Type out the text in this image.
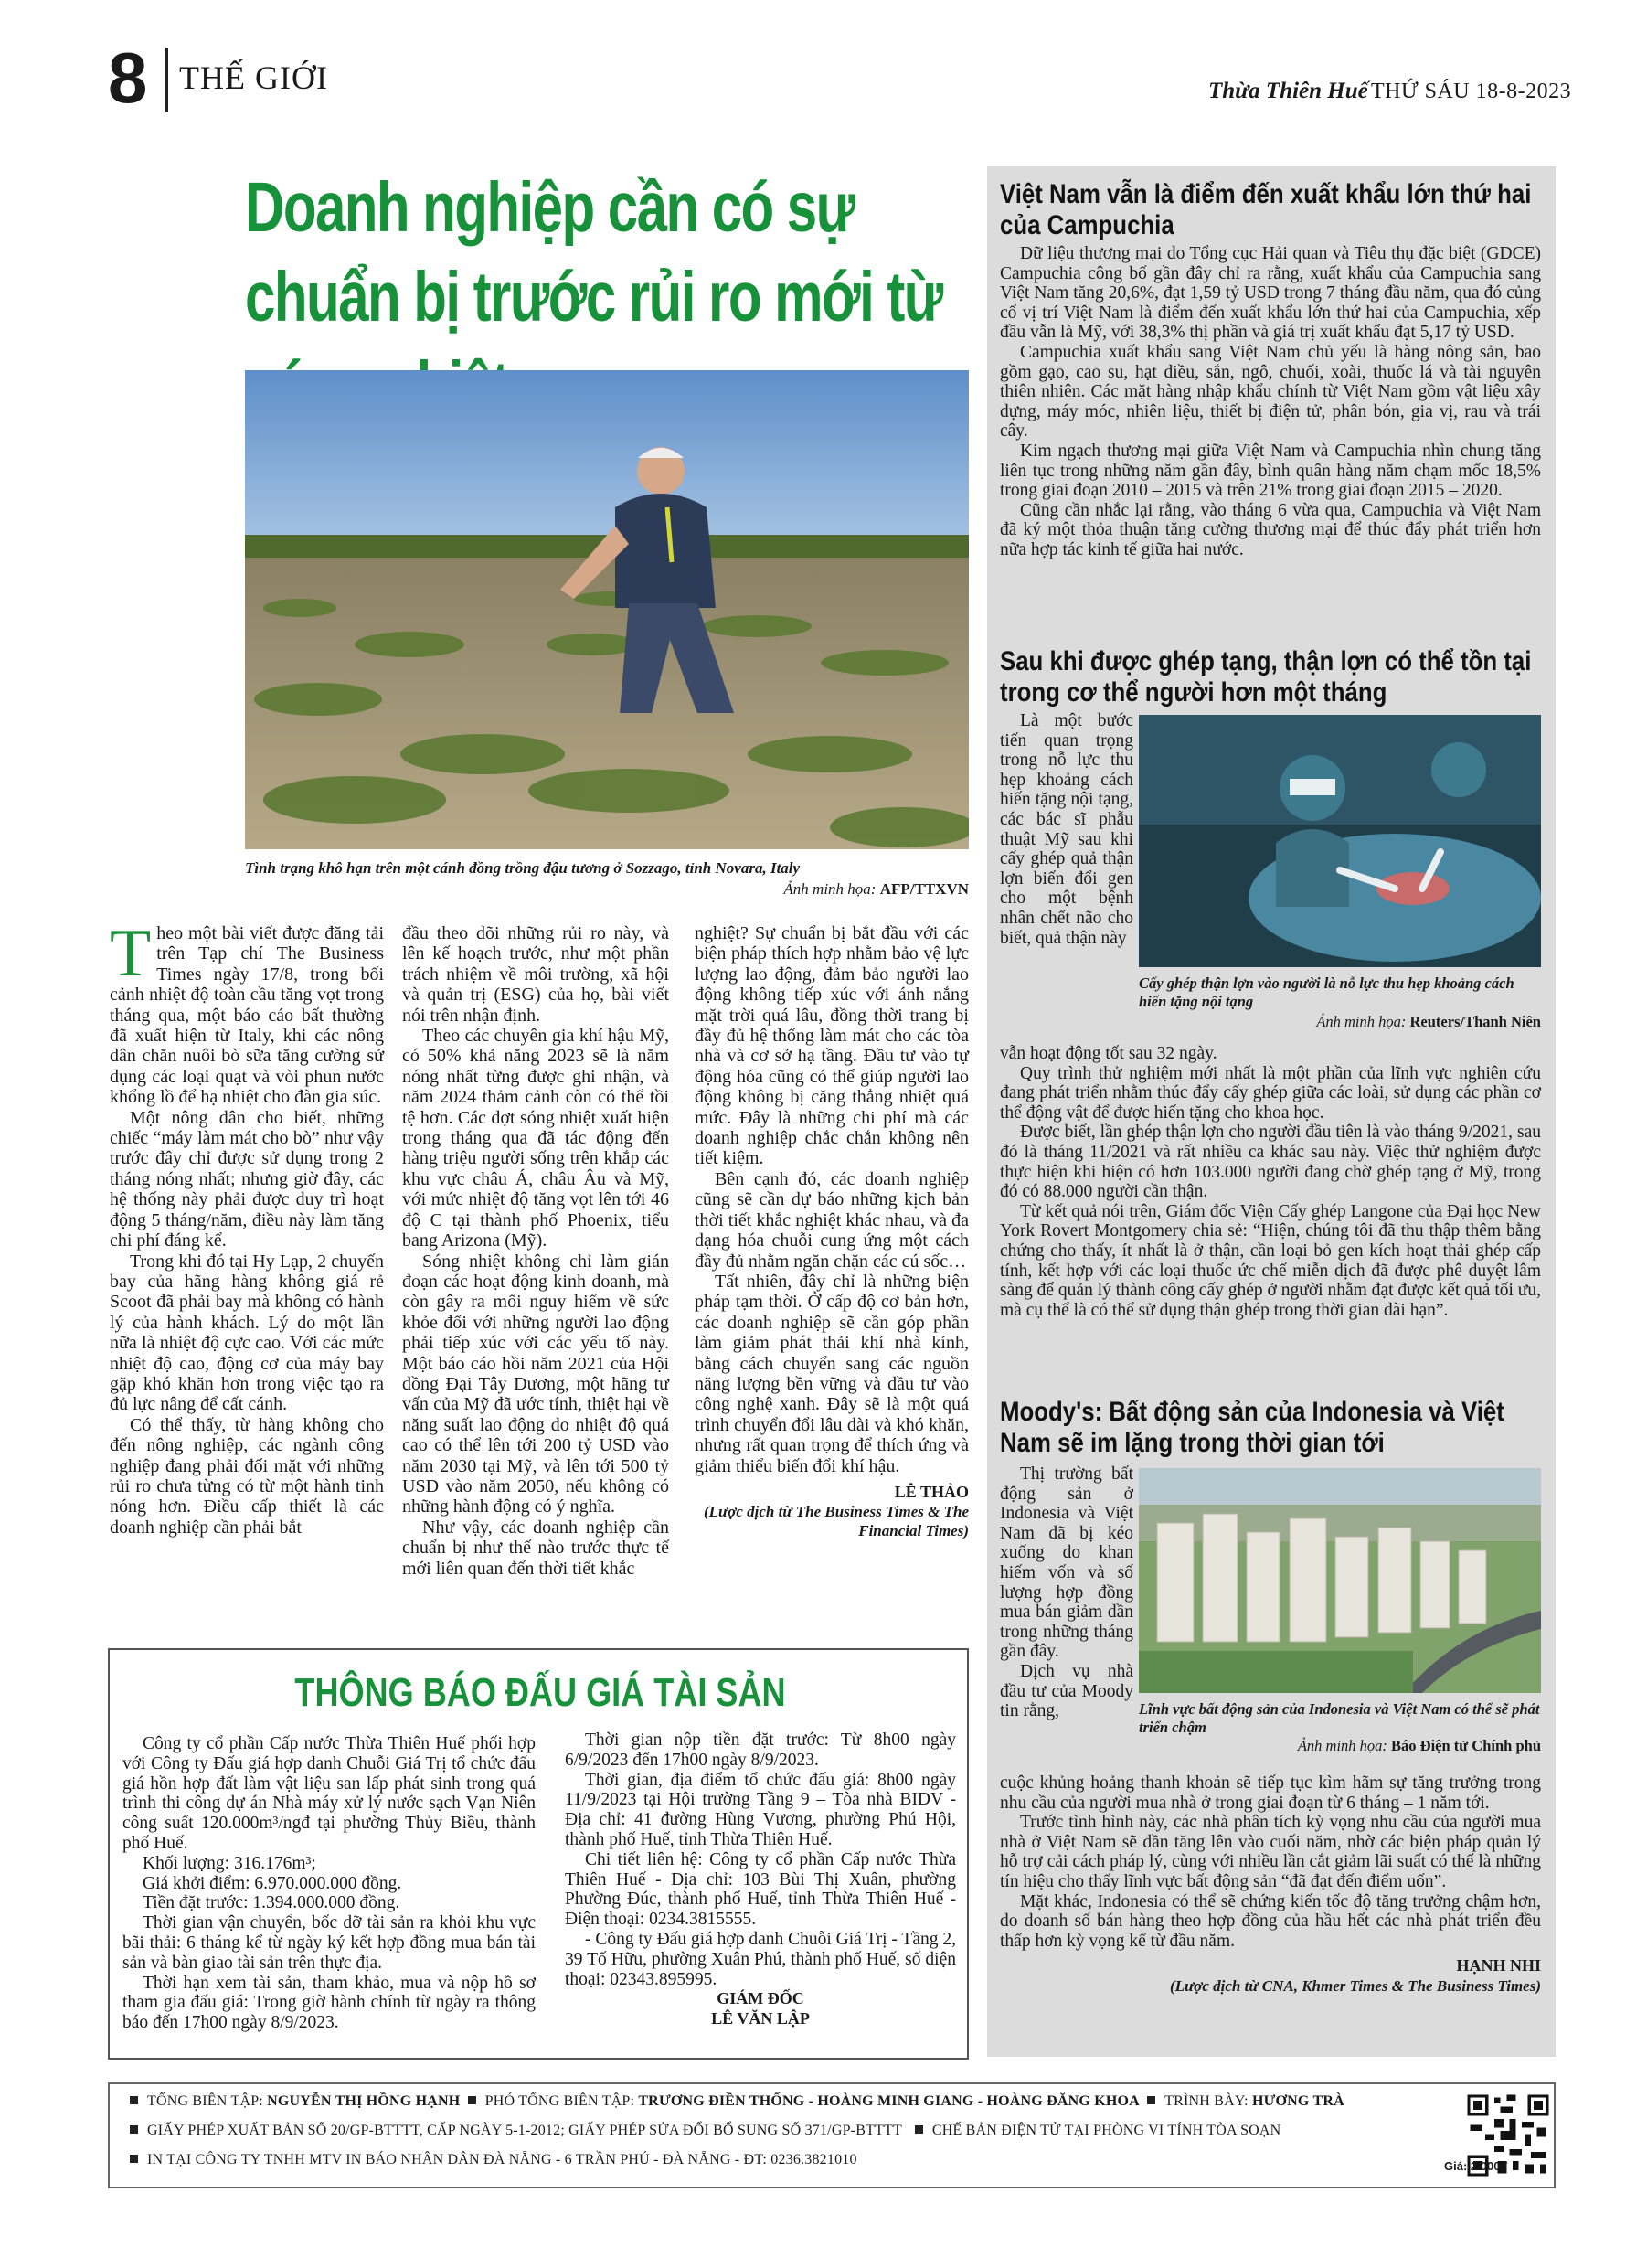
8 THẾ GIỚI	Thừa Thiên Huế THỨ SÁU 18-8-2023
Doanh nghiệp cần có sự chuẩn bị trước rủi ro mới từ
Tình trạng khô hạn trên một cánh đồng trồng đậu tương ở Sozzago, tỉnh Novara, Italy
Ảnh minh họa: AFP/TTXVN

Theo một bài viết được đăng tải trên Tạp chí The Business Times ngày 17/8, trong bối cảnh nhiệt độ toàn cầu tăng vọt trong tháng qua, một báo cáo bất thường đã xuất hiện từ Italy, khi các nông dân chăn nuôi bò sữa tăng cường sử dụng các loại quạt và vòi phun nước khổng lồ để hạ nhiệt cho đàn gia súc.

Một nông dân cho biết, những chiếc “máy làm mát cho bò” như vậy trước đây chỉ được sử dụng trong 2 tháng nóng nhất; nhưng giờ đây, các hệ thống này phải được duy trì hoạt động 5 tháng/năm, điều này làm tăng chi phí đáng kể.

Trong khi đó tại Hy Lạp, 2 chuyến bay của hãng hàng không giá rẻ Scoot đã phải bay mà không có hành lý của hành khách. Lý do một lần nữa là nhiệt độ cực cao. Với các mức nhiệt độ cao, động cơ của máy bay gặp khó khăn hơn trong việc tạo ra đủ lực nâng để cất cánh.

Có thể thấy, từ hàng không cho đến nông nghiệp, các ngành công nghiệp đang phải đối mặt với những rủi ro chưa từng có từ một hành tinh nóng hơn. Điều cấp thiết là các doanh nghiệp cần phải bắt

đầu theo dõi những rủi ro này, và lên kế hoạch trước, như một phần trách nhiệm về môi trường, xã hội và quản trị (ESG) của họ, bài viết nói trên nhận định.

Theo các chuyên gia khí hậu Mỹ, có 50% khả năng 2023 sẽ là năm nóng nhất từng được ghi nhận, và năm 2024 thảm cảnh còn có thể tồi tệ hơn. Các đợt sóng nhiệt xuất hiện trong tháng qua đã tác động đến hàng triệu người sống trên khắp các khu vực châu Á, châu Âu và Mỹ, với mức nhiệt độ tăng vọt lên tới 46 độ C tại thành phố Phoenix, tiểu bang Arizona (Mỹ).

Sóng nhiệt không chỉ làm gián đoạn các hoạt động kinh doanh, mà còn gây ra mối nguy hiểm về sức khỏe đối với những người lao động phải tiếp xúc với các yếu tố này. Một báo cáo hồi năm 2021 của Hội đồng Đại Tây Dương, một hãng tư vấn của Mỹ đã ước tính, thiệt hại về năng suất lao động do nhiệt độ quá cao có thể lên tới 200 tỷ USD vào năm 2030 tại Mỹ, và lên tới 500 tỷ USD vào năm 2050, nếu không có những hành động có ý nghĩa.

Như vậy, các doanh nghiệp cần chuẩn bị như thế nào trước thực tế mới liên quan đến thời tiết khắc

nghiệt? Sự chuẩn bị bắt đầu với các biện pháp thích hợp nhằm bảo vệ lực lượng lao động, đảm bảo người lao động không tiếp xúc với ánh nắng mặt trời quá lâu, đồng thời trang bị đầy đủ hệ thống làm mát cho các tòa nhà và cơ sở hạ tầng. Đầu tư vào tự động hóa cũng có thể giúp người lao động không bị căng thẳng nhiệt quá mức. Đây là những chi phí mà các doanh nghiệp chắc chắn không nên tiết kiệm.

Bên cạnh đó, các doanh nghiệp cũng sẽ cần dự báo những kịch bản thời tiết khắc nghiệt khác nhau, và đa dạng hóa chuỗi cung ứng một cách đầy đủ nhằm ngăn chặn các cú sốc…

Tất nhiên, đây chỉ là những biện pháp tạm thời. Ở cấp độ cơ bản hơn, các doanh nghiệp sẽ cần góp phần làm giảm phát thải khí nhà kính, bằng cách chuyển sang các nguồn năng lượng bền vững và đầu tư vào công nghệ xanh. Đây sẽ là một quá trình chuyển đổi lâu dài và khó khăn, nhưng rất quan trọng để thích ứng và giảm thiểu biến đổi khí hậu.

LÊ THẢO

(Lược dịch từ The Business Times & The Financial Times)

THÔNG BÁO ĐẤU GIÁ TÀI SẢN

Công ty cổ phần Cấp nước Thừa Thiên Huế phối hợp với Công ty Đấu giá hợp danh Chuỗi Giá Trị tổ chức đấu giá hồn hợp đất làm vật liệu san lấp phát sinh trong quá trình thi công dự án Nhà máy xử lý nước sạch Vạn Niên công suất 120.000m³/ngđ tại phường Thủy Biều, thành phố Huế.

Khối lượng: 316.176m³;

Giá khởi điểm: 6.970.000.000 đồng.

Tiền đặt trước: 1.394.000.000 đồng.

Thời gian vận chuyển, bốc dỡ tài sản ra khỏi khu vực bãi thải: 6 tháng kể từ ngày ký kết hợp đồng mua bán tài sản và bàn giao tài sản trên thực địa.

Thời hạn xem tài sản, tham khảo, mua và nộp hồ sơ tham gia đấu giá: Trong giờ hành chính từ ngày ra thông báo đến 17h00 ngày 8/9/2023.

Thời gian nộp tiền đặt trước: Từ 8h00 ngày 6/9/2023 đến 17h00 ngày 8/9/2023.

Thời gian, địa điểm tổ chức đấu giá: 8h00 ngày 11/9/2023 tại Hội trường Tầng 9 – Tòa nhà BIDV - Địa chỉ: 41 đường Hùng Vương, phường Phú Hội, thành phố Huế, tỉnh Thừa Thiên Huế.

Chi tiết liên hệ: Công ty cổ phần Cấp nước Thừa Thiên Huế - Địa chỉ: 103 Bùi Thị Xuân, phường Phường Đúc, thành phố Huế, tỉnh Thừa Thiên Huế - Điện thoại: 0234.3815555.

- Công ty Đấu giá hợp danh Chuỗi Giá Trị - Tầng 2, 39 Tố Hữu, phường Xuân Phú, thành phố Huế, số điện thoại: 02343.895995.

GIÁM ĐỐC

LÊ VĂN LẬP

Việt Nam vẫn là điểm đến xuất khẩu lớn thứ hai của Campuchia

Dữ liệu thương mại do Tổng cục Hải quan và Tiêu thụ đặc biệt (GDCE) Campuchia công bố gần đây chỉ ra rằng, xuất khẩu của Campuchia sang Việt Nam tăng 20,6%, đạt 1,59 tỷ USD trong 7 tháng đầu năm, qua đó củng cố vị trí Việt Nam là điểm đến xuất khẩu lớn thứ hai của Campuchia, xếp đầu vẫn là Mỹ, với 38,3% thị phần và giá trị xuất khẩu đạt 5,17 tỷ USD.

Campuchia xuất khẩu sang Việt Nam chủ yếu là hàng nông sản, bao gồm gạo, cao su, hạt điều, sắn, ngô, chuối, xoài, thuốc lá và tài nguyên thiên nhiên. Các mặt hàng nhập khẩu chính từ Việt Nam gồm vật liệu xây dựng, máy móc, nhiên liệu, thiết bị điện tử, phân bón, gia vị, rau và trái cây.

Kim ngạch thương mại giữa Việt Nam và Campuchia nhìn chung tăng liên tục trong những năm gần đây, bình quân hàng năm chạm mốc 18,5% trong giai đoạn 2010 – 2015 và trên 21% trong giai đoạn 2015 – 2020.

Cũng cần nhắc lại rằng, vào tháng 6 vừa qua, Campuchia và Việt Nam đã ký một thỏa thuận tăng cường thương mại để thúc đẩy phát triển hơn nữa hợp tác kinh tế giữa hai nước.

Sau khi được ghép tạng, thận lợn có thể tồn tại trong cơ thể người hơn một tháng

Là một bước tiến quan trọng trong nỗ lực thu hẹp khoảng cách hiến tặng nội tạng, các bác sĩ phẫu thuật Mỹ sau khi cấy ghép quả thận lợn biến đổi gen cho một bệnh nhân chết não cho biết, quả thận này

Cấy ghép thận lợn vào người là nỗ lực thu hẹp khoảng cách hiến tặng nội tạng
Ảnh minh họa: Reuters/Thanh Niên

vẫn hoạt động tốt sau 32 ngày.

Quy trình thử nghiệm mới nhất là một phần của lĩnh vực nghiên cứu đang phát triển nhằm thúc đẩy cấy ghép giữa các loài, sử dụng các phần cơ thể động vật để được hiến tặng cho khoa học.

Được biết, lần ghép thận lợn cho người đầu tiên là vào tháng 9/2021, sau đó là tháng 11/2021 và rất nhiều ca khác sau này. Việc thử nghiệm được thực hiện khi hiện có hơn 103.000 người đang chờ ghép tạng ở Mỹ, trong đó có 88.000 người cần thận.

Từ kết quả nói trên, Giám đốc Viện Cấy ghép Langone của Đại học New York Rovert Montgomery chia sẻ: “Hiện, chúng tôi đã thu thập thêm bằng chứng cho thấy, ít nhất là ở thận, cần loại bỏ gen kích hoạt thải ghép cấp tính, kết hợp với các loại thuốc ức chế miễn dịch đã được phê duyệt lâm sàng để quản lý thành công cấy ghép ở người nhằm đạt được kết quả tối ưu, mà cụ thể là có thể sử dụng thận ghép trong thời gian dài hạn”.

Moody's: Bất động sản của Indonesia và Việt Nam sẽ im lặng trong thời gian tới

Thị trường bất động sản ở Indonesia và Việt Nam đã bị kéo xuống do khan hiếm vốn và số lượng hợp đồng mua bán giảm dần trong những tháng gần đây.

Dịch vụ nhà đầu tư của Moody tin rằng,	Lĩnh vực bất động sản của Indonesia và Việt Nam có thể sẽ phát triển chậm
Ảnh minh họa: Báo Điện tử Chính phủ

cuộc khủng hoảng thanh khoản sẽ tiếp tục kìm hãm sự tăng trưởng trong nhu cầu của người mua nhà ở trong giai đoạn từ 6 tháng – 1 năm tới.

Trước tình hình này, các nhà phân tích kỳ vọng nhu cầu của người mua nhà ở Việt Nam sẽ dần tăng lên vào cuối năm, nhờ các biện pháp quản lý hỗ trợ cải cách pháp lý, cùng với nhiều lần cắt giảm lãi suất có thể là những tín hiệu cho thấy lĩnh vực bất động sản “đã đạt đến điểm uốn”.

Mặt khác, Indonesia có thể sẽ chứng kiến tốc độ tăng trưởng chậm hơn, do doanh số bán hàng theo hợp đồng của hầu hết các nhà phát triển đều thấp hơn kỳ vọng kể từ đầu năm.

HẠNH NHI

(Lược dịch từ CNA, Khmer Times & The Business Times)

TỔNG BIÊN TẬP: NGUYỄN THỊ HỒNG HẠNH PHÓ TỔNG BIÊN TẬP: TRƯƠNG ĐIỀN THỐNG - HOÀNG MINH GIANG - HOÀNG ĐĂNG KHOA TRÌNH BÀY: HƯƠNG TRÀ
GIẤY PHÉP XUẤT BẢN SỐ 20/GP-BTTTT, CẤP NGÀY 5-1-2012; GIẤY PHÉP SỬA ĐỔI BỔ SUNG SỐ 371/GP-BTTTT CHẾ BẢN ĐIỆN TỬ TẠI PHÒNG VI TÍNH TÒA SOẠN
IN TẠI CÔNG TY TNHH MTV IN BÁO NHÂN DÂN ĐÀ NẴNG - 6 TRẦN PHÚ - ĐÀ NẴNG - ĐT: 0236.3821010	Giá: 2.000đ
